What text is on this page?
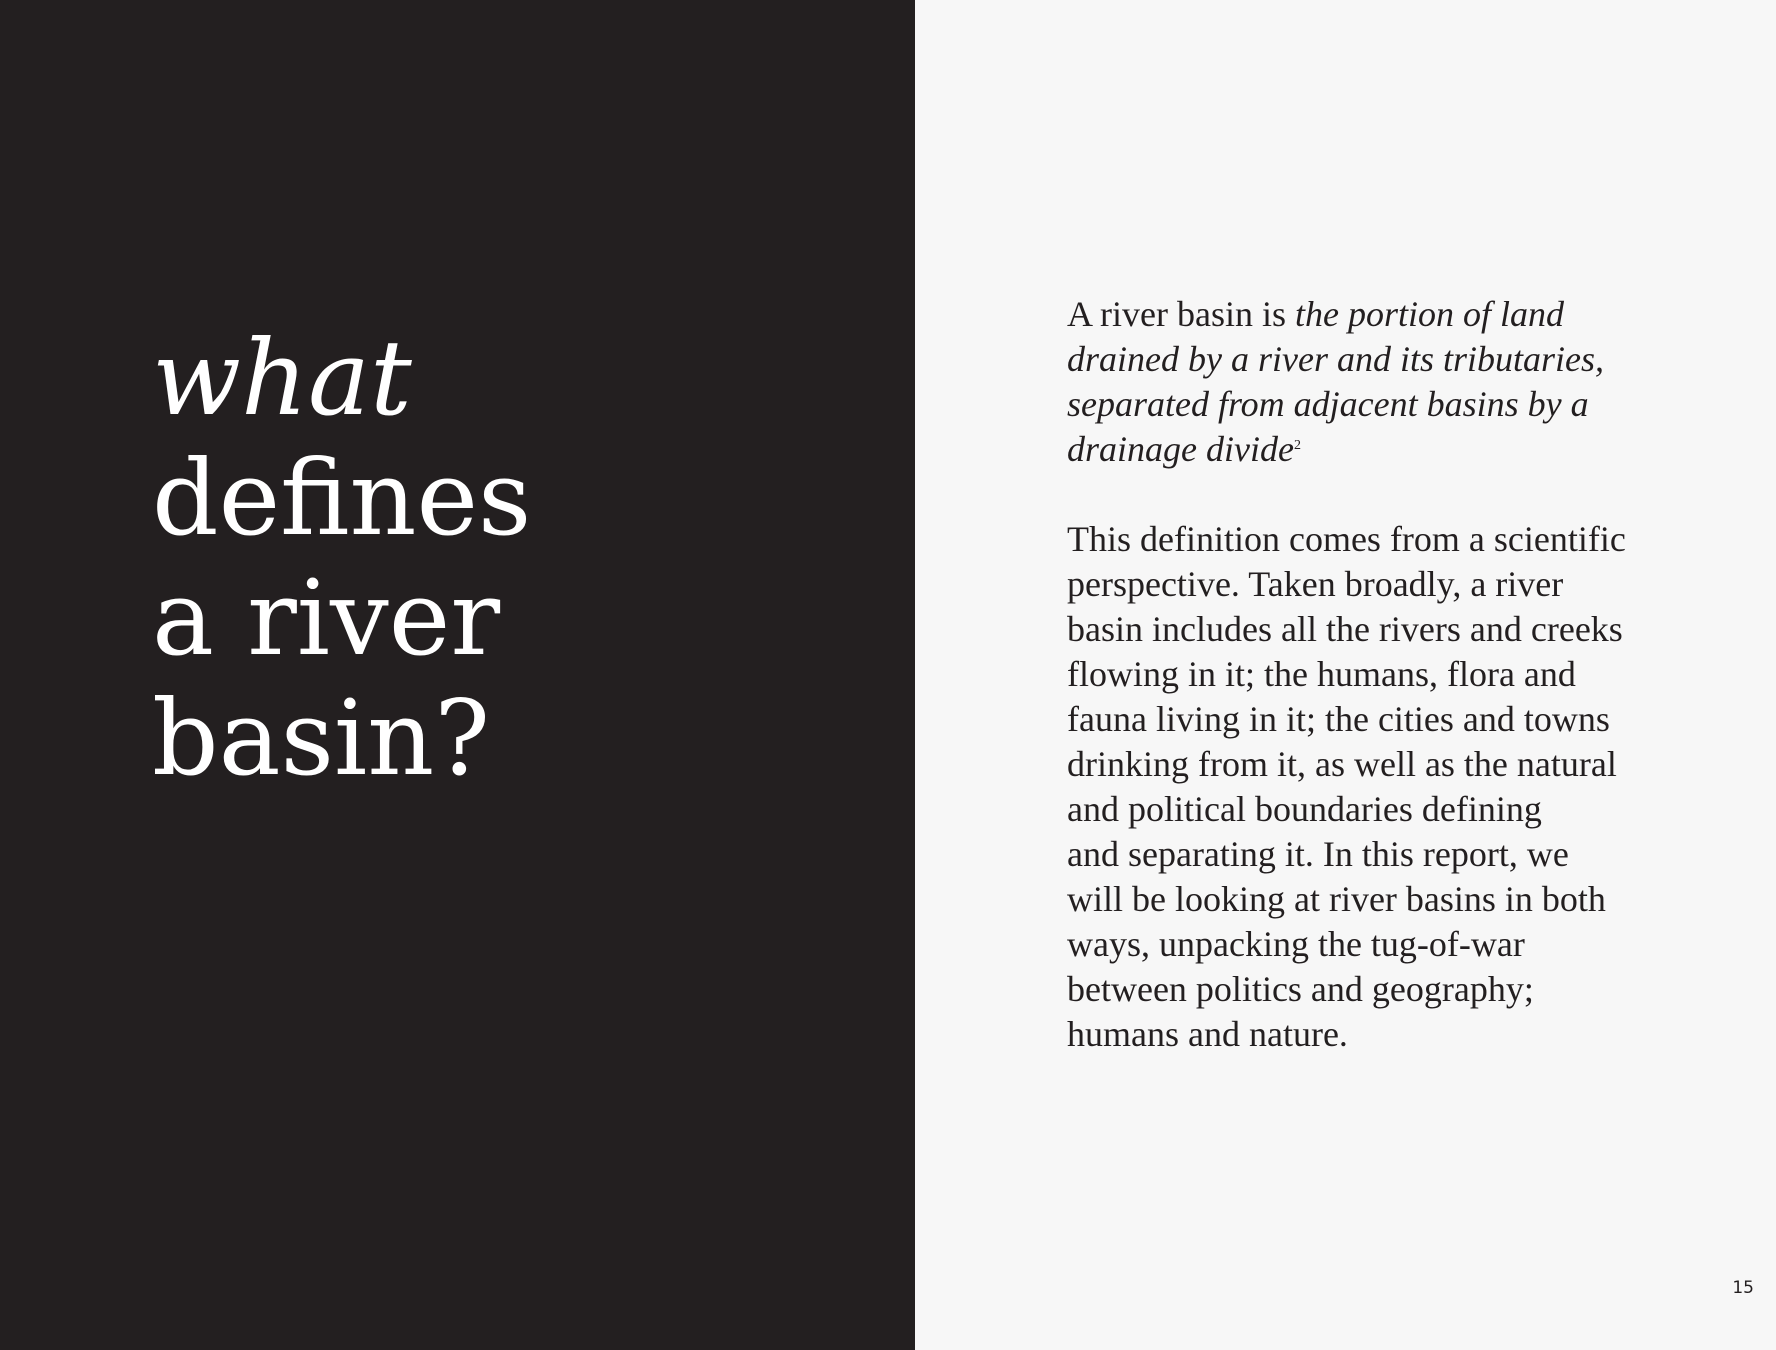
what
defines
a river
basin?

A river basin is the portion of land
drained by a river and its tributaries,
separated from adjacent basins by a
drainage divide$^2$

This definition comes from a scientific
perspective. Taken broadly, a river
basin includes all the rivers and creeks
flowing in it; the humans, flora and
fauna living in it; the cities and towns
drinking from it, as well as the natural
and political boundaries defining
and separating it. In this report, we
will be looking at river basins in both
ways, unpacking the tug-of-war
between politics and geography;
humans and nature.

15
